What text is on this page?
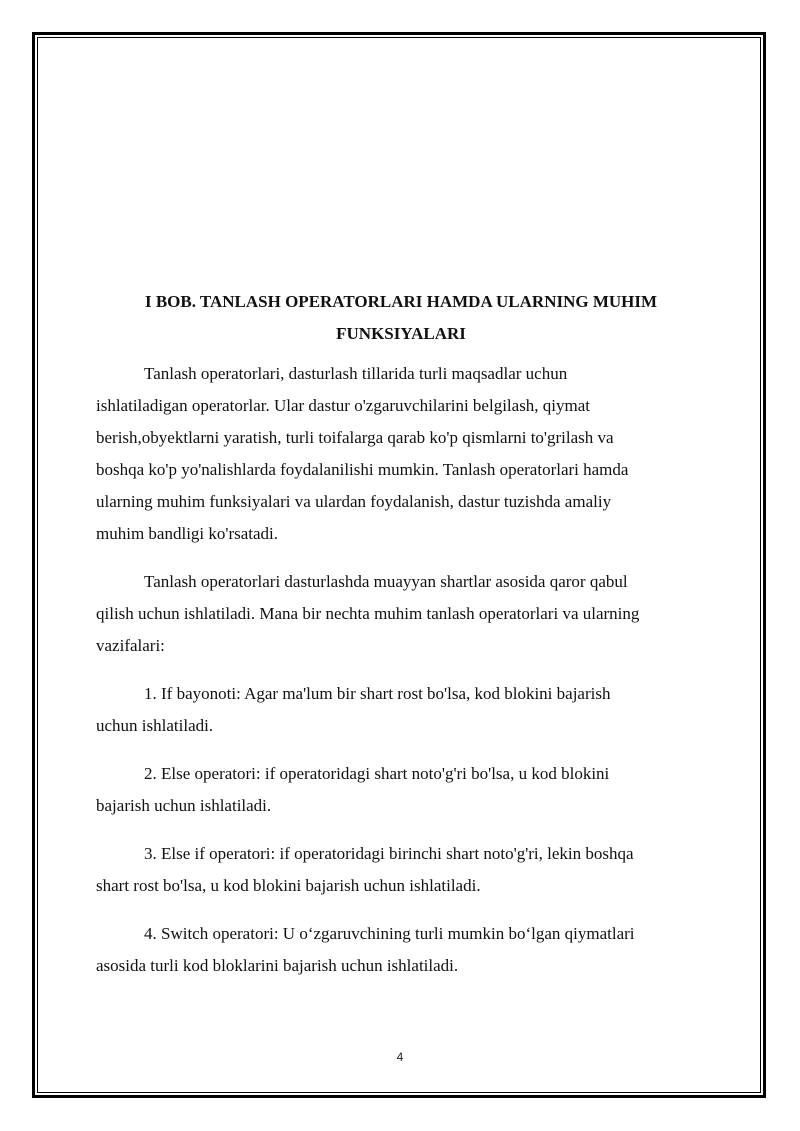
I BOB. TANLASH OPERATORLARI HAMDA ULARNING MUHIM
FUNKSIYALARI

Tanlash operatorlari, dasturlash tillarida turli maqsadlar uchun
ishlatiladigan operatorlar. Ular dastur o'zgaruvchilarini belgilash, qiymat
berish,obyektlarni yaratish, turli toifalarga qarab ko'p qismlarni to'grilash va
boshqa ko'p yo'nalishlarda foydalanilishi mumkin. Tanlash operatorlari hamda
ularning muhim funksiyalari va ulardan foydalanish, dastur tuzishda amaliy
muhim bandligi ko'rsatadi.

Tanlash operatorlari dasturlashda muayyan shartlar asosida qaror qabul
qilish uchun ishlatiladi. Mana bir nechta muhim tanlash operatorlari va ularning
vazifalari:

1. If bayonoti: Agar ma'lum bir shart rost bo'lsa, kod blokini bajarish
uchun ishlatiladi.

2. Else operatori: if operatoridagi shart noto'g'ri bo'lsa, u kod blokini
bajarish uchun ishlatiladi.

3. Else if operatori: if operatoridagi birinchi shart noto'g'ri, lekin boshqa
shart rost bo'lsa, u kod blokini bajarish uchun ishlatiladi.

4. Switch operatori: U o‘zgaruvchining turli mumkin bo‘lgan qiymatlari
asosida turli kod bloklarini bajarish uchun ishlatiladi.

4
